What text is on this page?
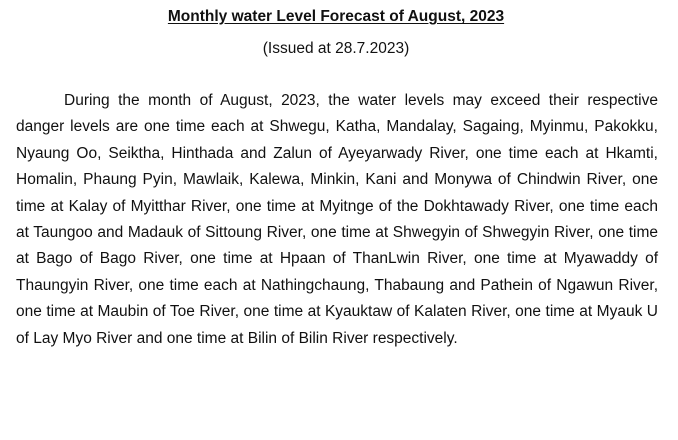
Monthly water Level Forecast of August, 2023
(Issued at 28.7.2023)

During the month of August, 2023, the water levels may exceed their respective danger levels are one time each at Shwegu, Katha, Mandalay, Sagaing, Myinmu, Pakokku, Nyaung Oo, Seiktha, Hinthada and Zalun of Ayeyarwady River, one time each at Hkamti, Homalin, Phaung Pyin, Mawlaik, Kalewa, Minkin, Kani and Monywa of Chindwin River, one time at Kalay of Myitthar River, one time at Myitnge of the Dokhtawady River, one time each at Taungoo and Madauk of Sittoung River, one time at Shwegyin of Shwegyin River, one time at Bago of Bago River, one time at Hpaan of ThanLwin River, one time at Myawaddy of Thaungyin River, one time each at Nathingchaung, Thabaung and Pathein of Ngawun River, one time at Maubin of Toe River, one time at Kyauktaw of Kalaten River, one time at Myauk U of Lay Myo River and one time at Bilin of Bilin River respectively.
